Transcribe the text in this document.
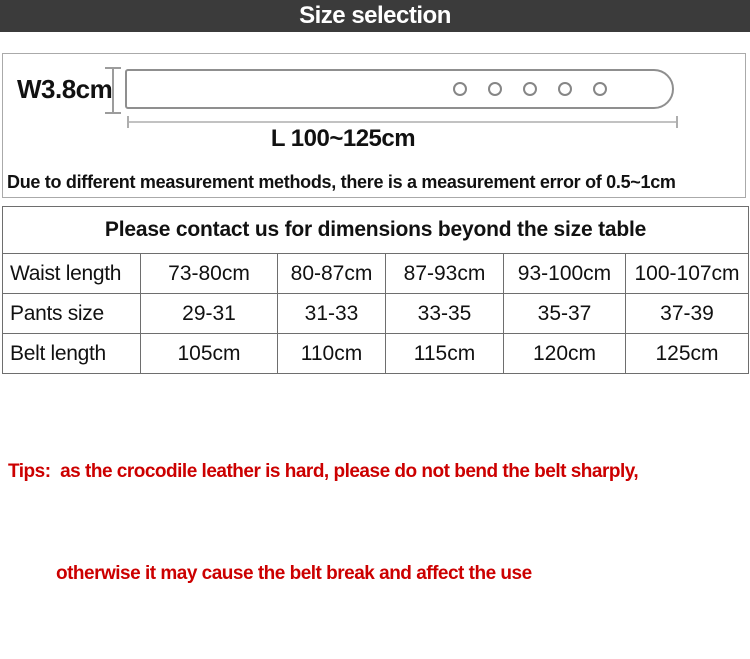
Size selection
W3.8cm
L 100~125cm
Due to different measurement methods, there is a measurement error of 0.5~1cm
Please contact us for dimensions beyond the size table					
Waist length	73-80cm	80-87cm	87-93cm	93-100cm	100-107cm
Pants size	29-31	31-33	33-35	35-37	37-39
Belt length	105cm	110cm	115cm	120cm	125cm

Tips:  as the crocodile leather is hard, please do not bend the belt sharply,

otherwise it may cause the belt break and affect the use
